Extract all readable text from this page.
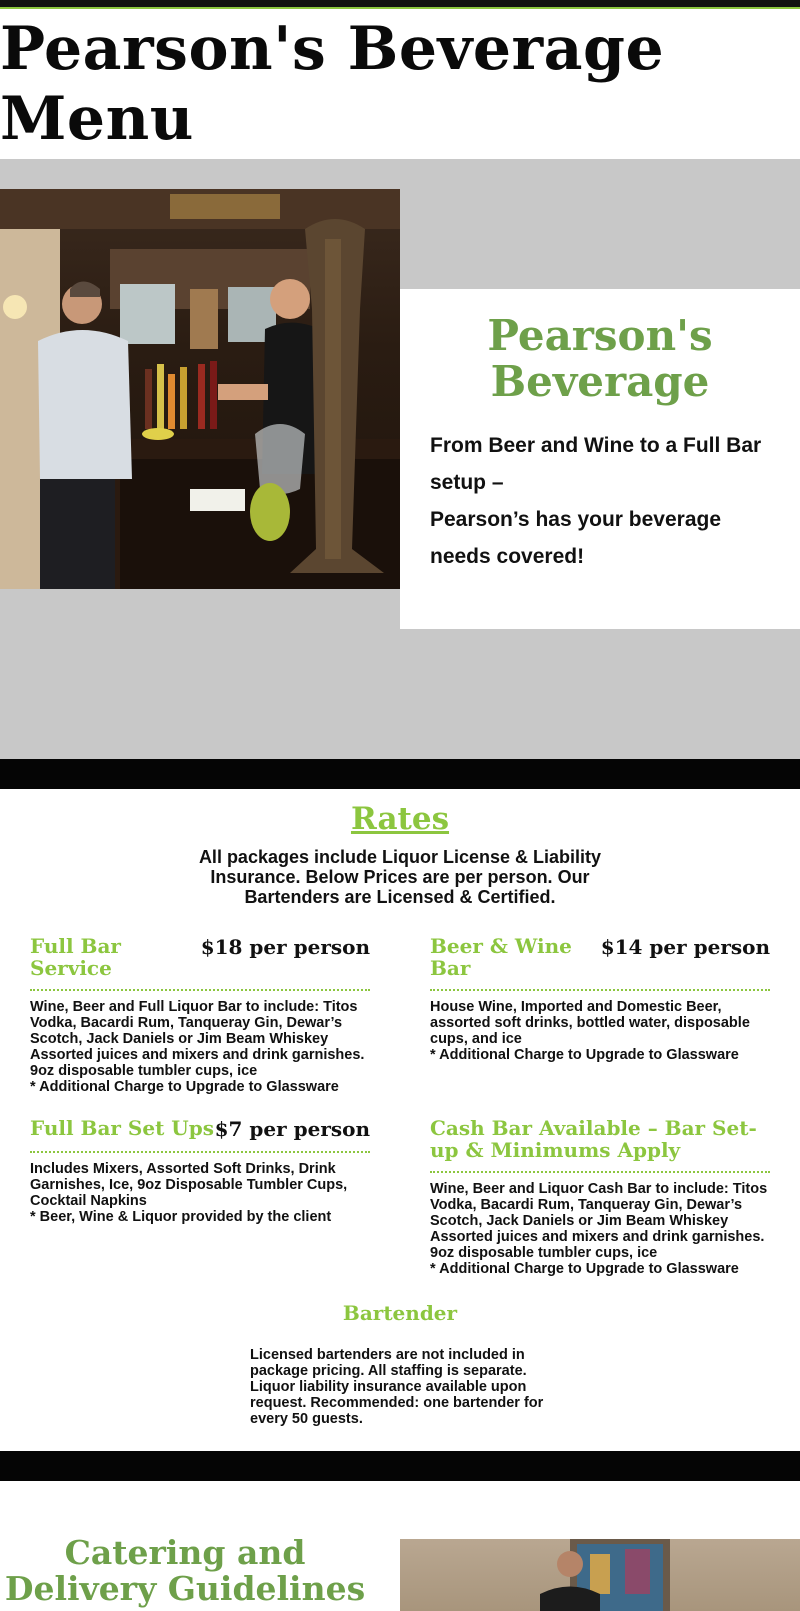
Pearson's Beverage Menu
Pearson's Beverage

From Beer and Wine to a Full Bar setup –

Pearson’s has your beverage needs covered!

Rates

All packages include Liquor License & Liability Insurance. Below Prices are per person. Our Bartenders are Licensed & Certified.

Full Bar Service
$18 per person

Wine, Beer and Full Liquor Bar to include: Titos Vodka, Bacardi Rum, Tanqueray Gin, Dewar’s Scotch, Jack Daniels or Jim Beam Whiskey Assorted juices and mixers and drink garnishes. 9oz disposable tumbler cups, ice

* Additional Charge to Upgrade to Glassware

Beer & Wine Bar
$14 per person

House Wine, Imported and Domestic Beer, assorted soft drinks, bottled water, disposable cups, and ice

* Additional Charge to Upgrade to Glassware

Full Bar Set Ups $7 per person

Includes Mixers, Assorted Soft Drinks, Drink Garnishes, Ice, 9oz Disposable Tumbler Cups, Cocktail Napkins

* Beer, Wine & Liquor provided by the client

Cash Bar Available – Bar Set-up & Minimums Apply

Wine, Beer and Liquor Cash Bar to include: Titos Vodka, Bacardi Rum, Tanqueray Gin, Dewar’s Scotch, Jack Daniels or Jim Beam Whiskey Assorted juices and mixers and drink garnishes. 9oz disposable tumbler cups, ice

* Additional Charge to Upgrade to Glassware

Bartender

Licensed bartenders are not included in package pricing. All staffing is separate. Liquor liability insurance available upon request. Recommended: one bartender for every 50 guests.

Catering and Delivery Guidelines
